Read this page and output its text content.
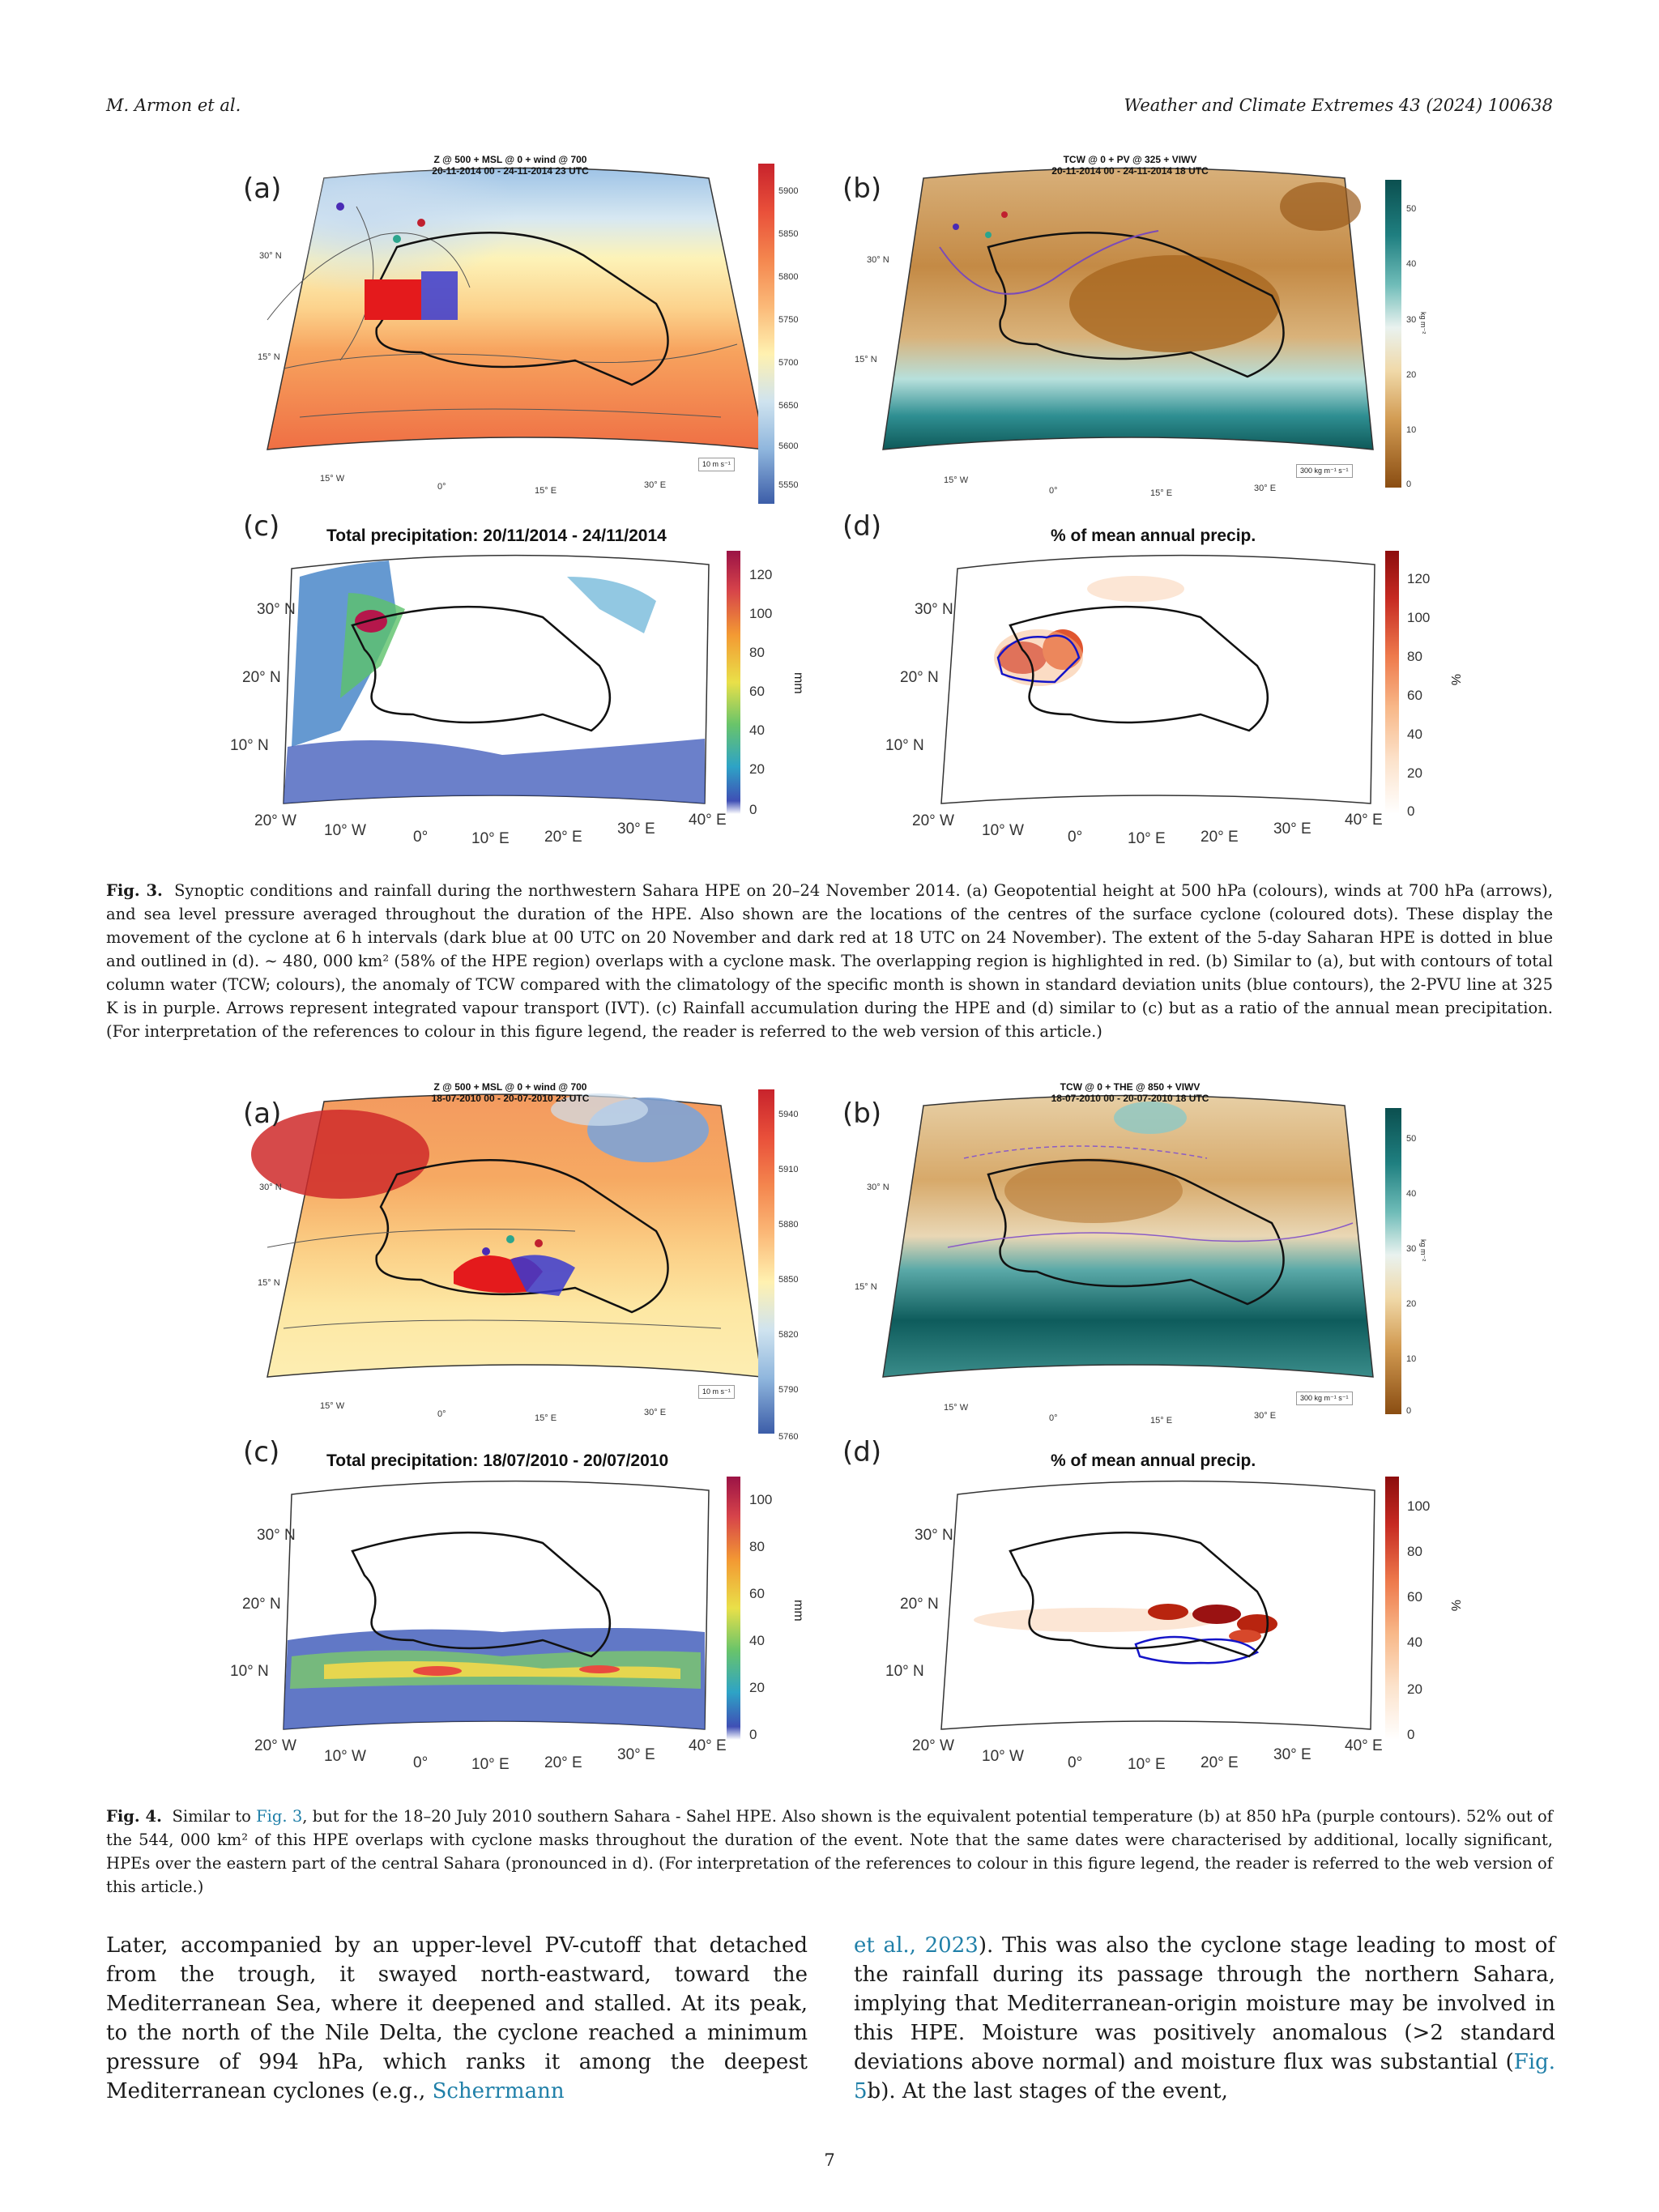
M. Armon et al.	Weather and Climate Extremes 43 (2024) 100638
Z @ 500 + MSL @ 0 + wind @ 700
20-11-2014 00 - 24-11-2014 23 UTC
30° N
15° N
15° W
0°	15° E
30° E
10 m s⁻¹
(a)	5900
5850
5800
5750
5700
5650
5600
5550
TCW @ 0 + PV @ 325 + VIWV
20-11-2014 00 - 24-11-2014 18 UTC
30° N
15° N
15° W
0°	15° E	30° E
300 kg m⁻¹ s⁻¹
(b)
50
40
30
20
10
0
kg m⁻²
(c)	Total precipitation: 20/11/2014 - 24/11/2014
30° N
20° N
10° N
20° W
10° W	0°	10° E 20° E 30° E
40° E
120
100
80
60
40
20
0
mm
(d)	% of mean annual precip.
30° N
20° N
10° N
20° W
10° W	0°	10° E 20° E 30° E
40° E
120
100
80
60
40
20
0
%
Fig. 3. Synoptic conditions and rainfall during the northwestern Sahara HPE on 20–24 November 2014. (a) Geopotential height at 500 hPa (colours), winds at 700 hPa (arrows), and sea level pressure averaged throughout the duration of the HPE. Also shown are the locations of the centres of the surface cyclone (coloured dots). These display the movement of the cyclone at 6 h intervals (dark blue at 00 UTC on 20 November and dark red at 18 UTC on 24 November). The extent of the 5-day Saharan HPE is dotted in blue and outlined in (d). ∼ 480, 000 km² (58% of the HPE region) overlaps with a cyclone mask. The overlapping region is highlighted in red. (b) Similar to (a), but with contours of total column water (TCW; colours), the anomaly of TCW compared with the climatology of the specific month is shown in standard deviation units (blue contours), the 2-PVU line at 325 K is in purple. Arrows represent integrated vapour transport (IVT). (c) Rainfall accumulation during the HPE and (d) similar to (c) but as a ratio of the annual mean precipitation. (For interpretation of the references to colour in this figure legend, the reader is referred to the web version of this article.)
Z @ 500 + MSL @ 0 + wind @ 700
18-07-2010 00 - 20-07-2010 23 UTC
30° N
15° N
15° W
0°	15° E
30° E
10 m s⁻¹
(a)	5940
5910
5880
5850
5820
5790
5760
TCW @ 0 + THE @ 850 + VIWV
18-07-2010 00 - 20-07-2010 18 UTC
30° N
15° N
15° W
0°	15° E	30° E
300 kg m⁻¹ s⁻¹
(b)
50
40
30
20
10
0
kg m⁻²
(c)	Total precipitation: 18/07/2010 - 20/07/2010
30° N
20° N
10° N
20° W
10° W	0°	10° E 20° E 30° E
40° E
100
80
60
40
20
0
mm
(d)	% of mean annual precip.
30° N
20° N
10° N
20° W
10° W	0°	10° E 20° E 30° E
40° E
100
80
60
40
20
0
%
Fig. 4. Similar to Fig. 3, but for the 18–20 July 2010 southern Sahara - Sahel HPE. Also shown is the equivalent potential temperature (b) at 850 hPa (purple contours). 52% out of the 544, 000 km² of this HPE overlaps with cyclone masks throughout the duration of the event. Note that the same dates were characterised by additional, locally significant, HPEs over the eastern part of the central Sahara (pronounced in d). (For interpretation of the references to colour in this figure legend, the reader is referred to the web version of this article.)
Later, accompanied by an upper-level PV-cutoff that detached from the trough, it swayed north-eastward, toward the Mediterranean Sea, where it deepened and stalled. At its peak, to the north of the Nile Delta, the cyclone reached a minimum pressure of 994 hPa, which ranks it among the deepest Mediterranean cyclones (e.g., Scherrmann
et al., 2023). This was also the cyclone stage leading to most of the rainfall during its passage through the northern Sahara, implying that Mediterranean-origin moisture may be involved in this HPE. Moisture was positively anomalous (>2 standard deviations above normal) and moisture flux was substantial (Fig. 5b). At the last stages of the event,
7
